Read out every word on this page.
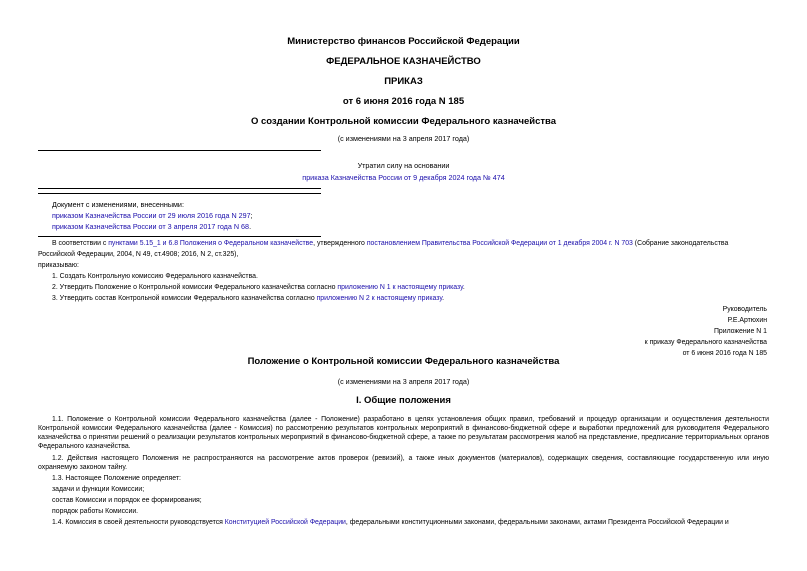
Министерство финансов Российской Федерации
ФЕДЕРАЛЬНОЕ КАЗНАЧЕЙСТВО
ПРИКАЗ
от 6 июня 2016 года N 185
О создании Контрольной комиссии Федерального казначейства
(с изменениями на 3 апреля 2017 года)
Утратил силу на основании
приказа Казначейства России от 9 декабря 2024 года № 474
Документ с изменениями, внесенными:
приказом Казначейства России от 29 июля 2016 года N 297;
приказом Казначейства России от 3 апреля 2017 года N 68.
В соответствии с пунктами 5.15_1 и 6.8 Положения о Федеральном казначействе, утвержденного постановлением Правительства Российской Федерации от 1 декабря 2004 г. N 703 (Собрание законодательства
Российской Федерации, 2004, N 49, ст.4908; 2016, N 2, ст.325),
приказываю:
1. Создать Контрольную комиссию Федерального казначейства.
2. Утвердить Положение о Контрольной комиссии Федерального казначейства согласно приложению N 1 к настоящему приказу.
3. Утвердить состав Контрольной комиссии Федерального казначейства согласно приложению N 2 к настоящему приказу.
Руководитель
Р.Е.Артюхин
Приложение N 1
к приказу Федерального казначейства
от 6 июня 2016 года N 185
Положение о Контрольной комиссии Федерального казначейства
(с изменениями на 3 апреля 2017 года)
I. Общие положения
1.1. Положение о Контрольной комиссии Федерального казначейства (далее - Положение) разработано в целях установления общих правил, требований и процедур организации и осуществления деятельности Контрольной комиссии Федерального казначейства (далее - Комиссия) по рассмотрению результатов контрольных мероприятий в финансово-бюджетной сфере и выработки предложений для руководителя Федерального казначейства о принятии решений о реализации результатов контрольных мероприятий в финансово-бюджетной сфере, а также по результатам рассмотрения жалоб на представление, предписание территориальных органов Федерального казначейства.
1.2. Действия настоящего Положения не распространяются на рассмотрение актов проверок (ревизий), а также иных документов (материалов), содержащих сведения, составляющие государственную или иную охраняемую законом тайну.
1.3. Настоящее Положение определяет:
задачи и функции Комиссии;
состав Комиссии и порядок ее формирования;
порядок работы Комиссии.
1.4. Комиссия в своей деятельности руководствуется Конституцией Российской Федерации, федеральными конституционными законами, федеральными законами, актами Президента Российской Федерации и
